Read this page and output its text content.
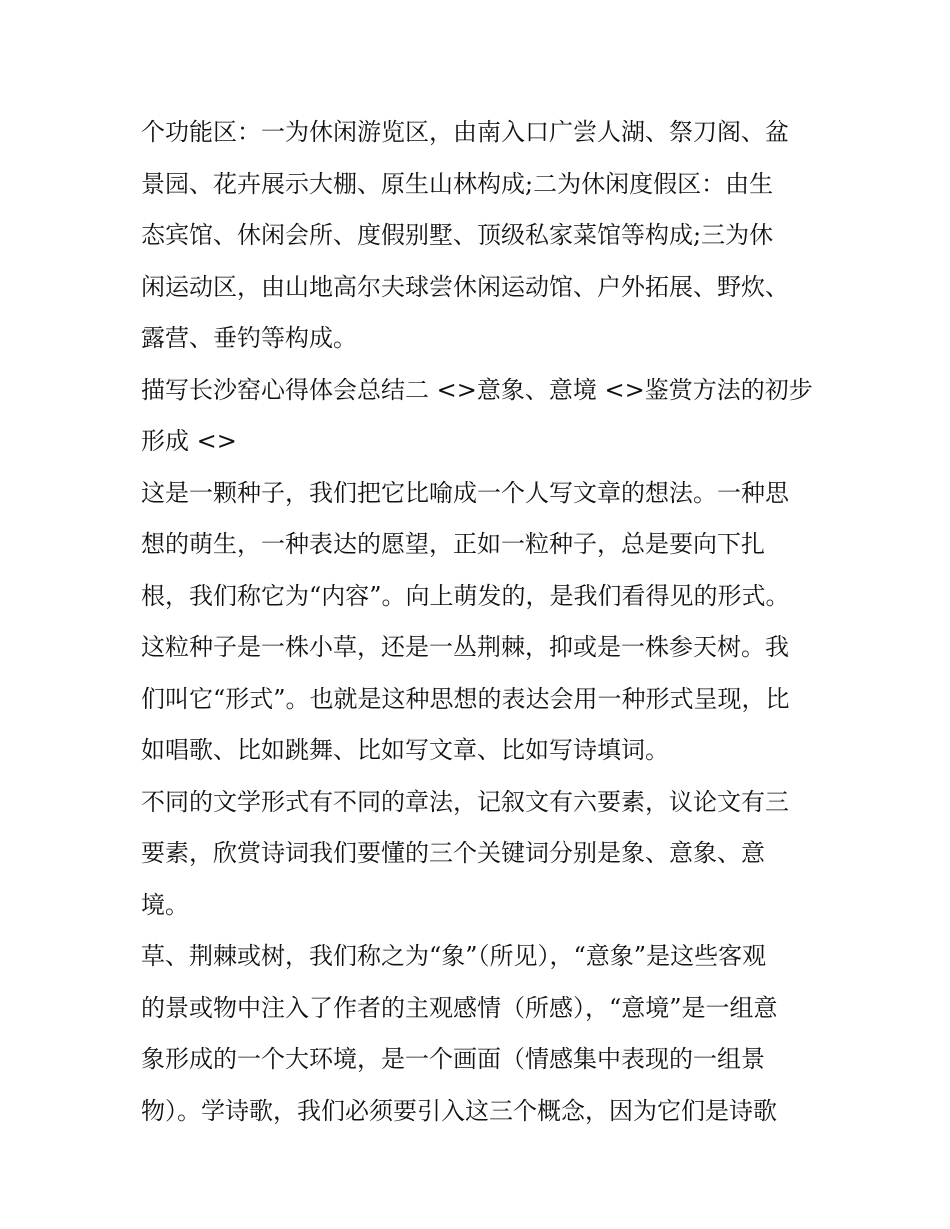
个功能区：一为休闲游览区，由南入口广尝人湖、祭刀阁、盆
景园、花卉展示大棚、原生山林构成;二为休闲度假区：由生
态宾馆、休闲会所、度假别墅、顶级私家菜馆等构成;三为休
闲运动区，由山地高尔夫球尝休闲运动馆、户外拓展、野炊、
露营、垂钓等构成。

描写长沙窑心得体会总结二 <>意象、意境 <>鉴赏方法的初步
形成 <>

这是一颗种子，我们把它比喻成一个人写文章的想法。一种思
想的萌生，一种表达的愿望，正如一粒种子，总是要向下扎
根，我们称它为“内容”。向上萌发的，是我们看得见的形式。
这粒种子是一株小草，还是一丛荆棘，抑或是一株参天树。我
们叫它“形式”。也就是这种思想的表达会用一种形式呈现，比
如唱歌、比如跳舞、比如写文章、比如写诗填词。

不同的文学形式有不同的章法，记叙文有六要素，议论文有三
要素，欣赏诗词我们要懂的三个关键词分别是象、意象、意
境。

草、荆棘或树，我们称之为“象”（所见），“意象”是这些客观
的景或物中注入了作者的主观感情（所感），“意境”是一组意
象形成的一个大环境，是一个画面（情感集中表现的一组景
物）。学诗歌，我们必须要引入这三个概念，因为它们是诗歌
